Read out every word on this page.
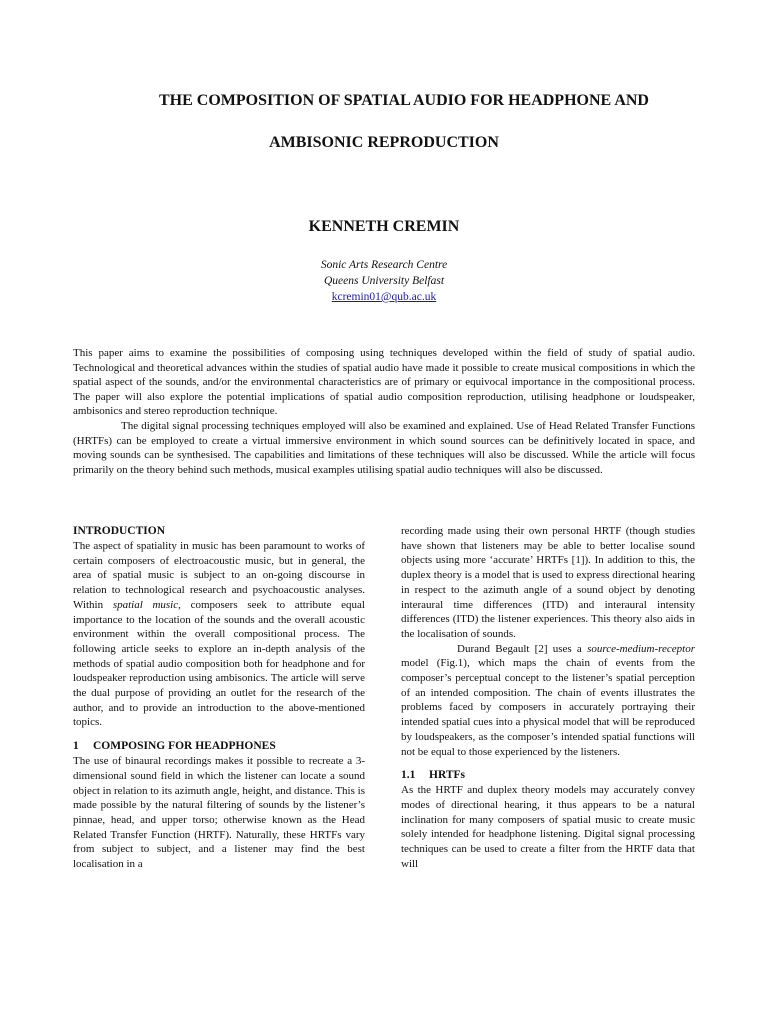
THE COMPOSITION OF SPATIAL AUDIO FOR HEADPHONE AND
AMBISONIC REPRODUCTION
KENNETH CREMIN
Sonic Arts Research Centre
Queens University Belfast
kcremin01@qub.ac.uk

This paper aims to examine the possibilities of composing using techniques developed within the field of study of spatial audio. Technological and theoretical advances within the studies of spatial audio have made it possible to create musical compositions in which the spatial aspect of the sounds, and/or the environmental characteristics are of primary or equivocal importance in the compositional process. The paper will also explore the potential implications of spatial audio composition reproduction, utilising headphone or loudspeaker, ambisonics and stereo reproduction technique.

The digital signal processing techniques employed will also be examined and explained. Use of Head Related Transfer Functions (HRTFs) can be employed to create a virtual immersive environment in which sound sources can be definitively located in space, and moving sounds can be synthesised. The capabilities and limitations of these techniques will also be discussed. While the article will focus primarily on the theory behind such methods, musical examples utilising spatial audio techniques will also be discussed.

INTRODUCTION

The aspect of spatiality in music has been paramount to works of certain composers of electroacoustic music, but in general, the area of spatial music is subject to an on-going discourse in relation to technological research and psychoacoustic analyses. Within spatial music, composers seek to attribute equal importance to the location of the sounds and the overall acoustic environment within the overall compositional process. The following article seeks to explore an in-depth analysis of the methods of spatial audio composition both for headphone and for loudspeaker reproduction using ambisonics. The article will serve the dual purpose of providing an outlet for the research of the author, and to provide an introduction to the above-mentioned topics.

1 COMPOSING FOR HEADPHONES

The use of binaural recordings makes it possible to recreate a 3-dimensional sound field in which the listener can locate a sound object in relation to its azimuth angle, height, and distance. This is made possible by the natural filtering of sounds by the listener’s pinnae, head, and upper torso; otherwise known as the Head Related Transfer Function (HRTF). Naturally, these HRTFs vary from subject to subject, and a listener may find the best localisation in a

recording made using their own personal HRTF (though studies have shown that listeners may be able to better localise sound objects using more ‘accurate’ HRTFs [1]). In addition to this, the duplex theory is a model that is used to express directional hearing in respect to the azimuth angle of a sound object by denoting interaural time differences (ITD) and interaural intensity differences (ITD) the listener experiences. This theory also aids in the localisation of sounds.

Durand Begault [2] uses a source-medium-receptor model (Fig.1), which maps the chain of events from the composer’s perceptual concept to the listener’s spatial perception of an intended composition. The chain of events illustrates the problems faced by composers in accurately portraying their intended spatial cues into a physical model that will be reproduced by loudspeakers, as the composer’s intended spatial functions will not be equal to those experienced by the listeners.

1.1 HRTFs

As the HRTF and duplex theory models may accurately convey modes of directional hearing, it thus appears to be a natural inclination for many composers of spatial music to create music solely intended for headphone listening. Digital signal processing techniques can be used to create a filter from the HRTF data that will
